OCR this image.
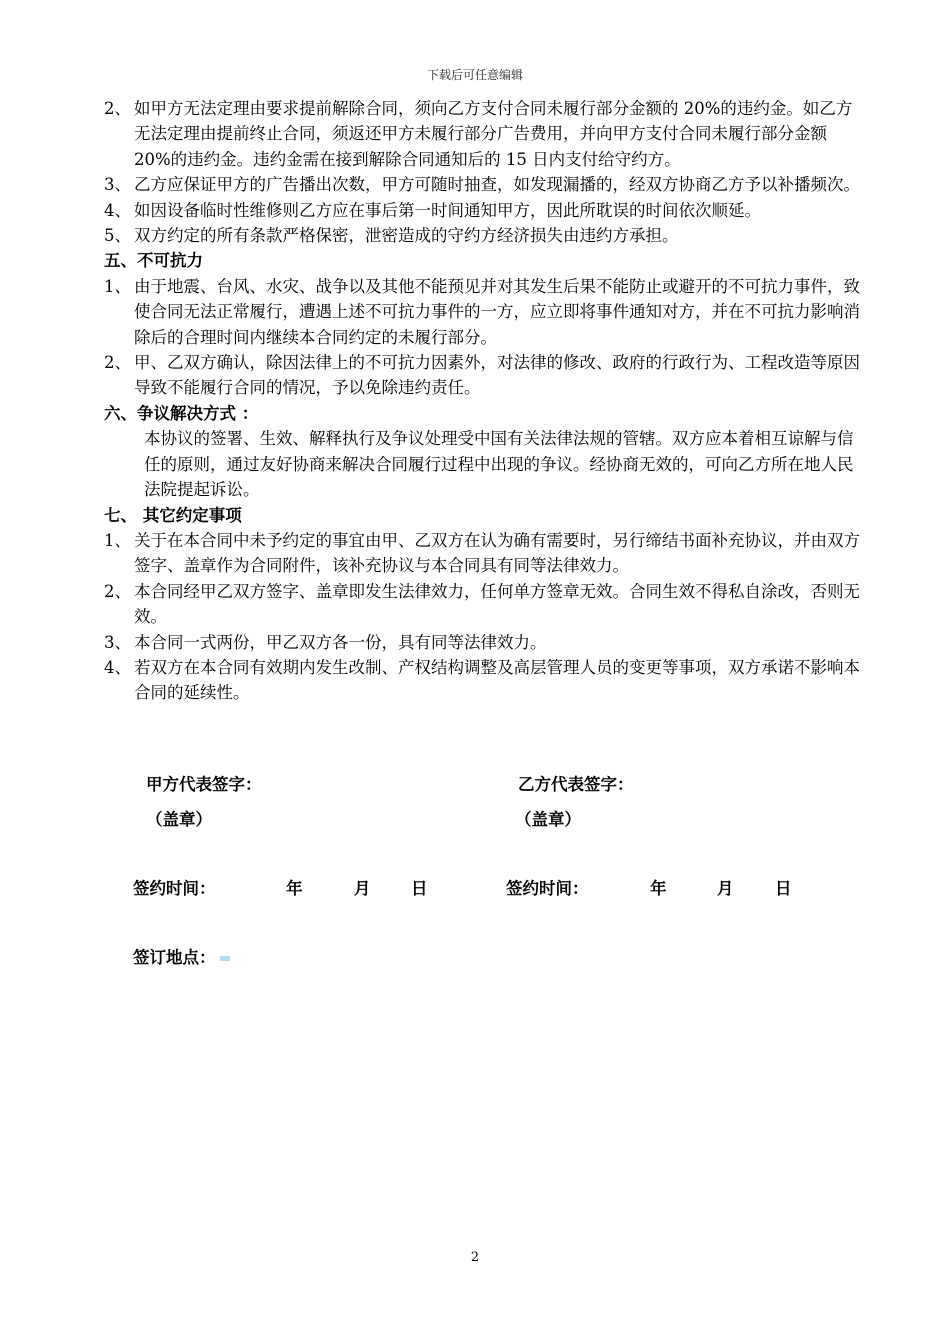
下载后可任意编辑

2、 如甲方无法定理由要求提前解除合同，须向乙方支付合同未履行部分金额的 20%的违约金。如乙方无法定理由提前终止合同，须返还甲方未履行部分广告费用，并向甲方支付合同未履行部分金额 20%的违约金。违约金需在接到解除合同通知后的 15 日内支付给守约方。

3、 乙方应保证甲方的广告播出次数，甲方可随时抽查，如发现漏播的，经双方协商乙方予以补播频次。

4、 如因设备临时性维修则乙方应在事后第一时间通知甲方，因此所耽误的时间依次顺延。

5、 双方约定的所有条款严格保密，泄密造成的守约方经济损失由违约方承担。

五、不可抗力

1、 由于地震、台风、水灾、战争以及其他不能预见并对其发生后果不能防止或避开的不可抗力事件，致使合同无法正常履行，遭遇上述不可抗力事件的一方，应立即将事件通知对方，并在不可抗力影响消除后的合理时间内继续本合同约定的未履行部分。

2、 甲、乙双方确认，除因法律上的不可抗力因素外，对法律的修改、政府的行政行为、工程改造等原因导致不能履行合同的情况，予以免除违约责任。

六、争议解决方式 ：

本协议的签署、生效、解释执行及争议处理受中国有关法律法规的管辖。双方应本着相互谅解与信任的原则，通过友好协商来解决合同履行过程中出现的争议。经协商无效的，可向乙方所在地人民法院提起诉讼。

七、 其它约定事项

1、 关于在本合同中未予约定的事宜由甲、乙双方在认为确有需要时，另行缔结书面补充协议，并由双方签字、盖章作为合同附件，该补充协议与本合同具有同等法律效力。

2、 本合同经甲乙双方签字、盖章即发生法律效力，任何单方签章无效。合同生效不得私自涂改，否则无效。

3、 本合同一式两份，甲乙双方各一份，具有同等法律效力。

4、 若双方在本合同有效期内发生改制、产权结构调整及高层管理人员的变更等事项，双方承诺不影响本合同的延续性。

甲方代表签字：	乙方代表签字：
（盖章）	（盖章）
签约时间：	年	月 日	签约时间：	年	月	日
签订地点：
2
